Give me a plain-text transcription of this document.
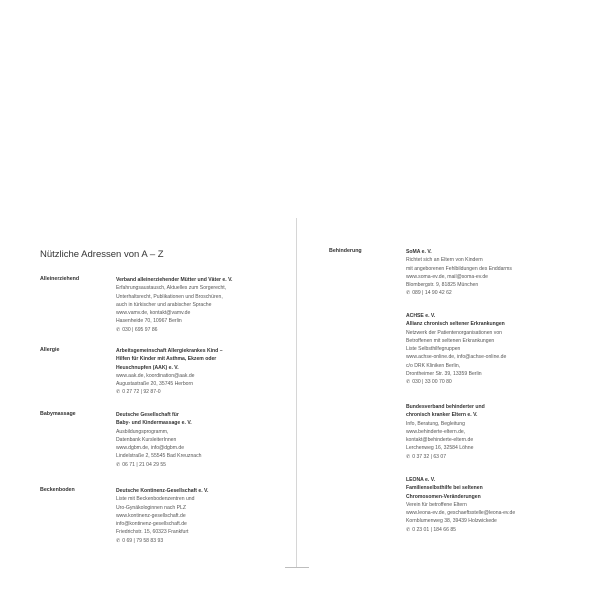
Nützliche Adressen von A – Z
Alleinerziehend	Verband alleinerziehender Mütter und Väter e. V.
Erfahrungsaustausch, Aktuelles zum Sorgerecht,
Unterhaltsrecht, Publikationen und Broschüren,
auch in türkischer und arabischer Sprache
www.vamv.de, kontakt@vamv.de
Hasenheide 70, 10967 Berlin
✆ 030 | 695 97 86
Allergie	Arbeitsgemeinschaft Allergiekrankes Kind –
Hilfen für Kinder mit Asthma, Ekzem oder
Heuschnupfen (AAK) e. V.
www.aak.de, koordination@aak.de
Augustastraße 20, 35745 Herborn
✆ 0 27 72 | 92 87-0
Babymassage	Deutsche Gesellschaft für
Baby- und Kindermassage e. V.
Ausbildungsprogramm,
Datenbank KursleiterInnen
www.dgbm.de, info@dgbm.de
Lindelstraße 2, 55545 Bad Kreuznach
✆ 06 71 | 21 04 29 55
Beckenboden	Deutsche Kontinenz-Gesellschaft e. V.
Liste mit Beckenbodenzentren und
Uro-Gynäkologinnen nach PLZ
www.kontinenz-gesellschaft.de
info@kontinenz-gesellschaft.de
Friedrichstr. 15, 60323 Frankfurt
✆ 0 69 | 79 58 83 93
Behinderung	SoMA e. V.
Richtet sich an Eltern von Kindern
mit angeborenen Fehlbildungen des Enddarms
www.soma-ev.de, mail@soma-ev.de
Blombergstr. 9, 81825 München
✆ 089 | 14 90 42 62
ACHSE e. V.
Allianz chronisch seltener Erkrankungen
Netzwerk der Patientenorganisationen von
Betroffenen mit seltenen Erkrankungen
Liste Selbsthilfegruppen
www.achse-online.de, info@achse-online.de
c/o DRK Kliniken Berlin,
Drontheimer Str. 39, 13359 Berlin
✆ 030 | 33 00 70 80
Bundesverband behinderter und
chronisch kranker Eltern e. V.
Info, Beratung, Begleitung
www.behinderte-eltern.de,
kontakt@behinderte-eltern.de
Lerchenweg 16, 32584 Löhne
✆ 0 37 32 | 63 07
LEONA e. V.
Familienselbsthilfe bei seltenen
Chromosomen-Veränderungen
Verein für betroffene Eltern
www.leona-ev.de, geschaeftsstelle@leona-ev.de
Kornblumenweg 38, 39439 Holzwickede
✆ 0 23 01 | 184 66 85
